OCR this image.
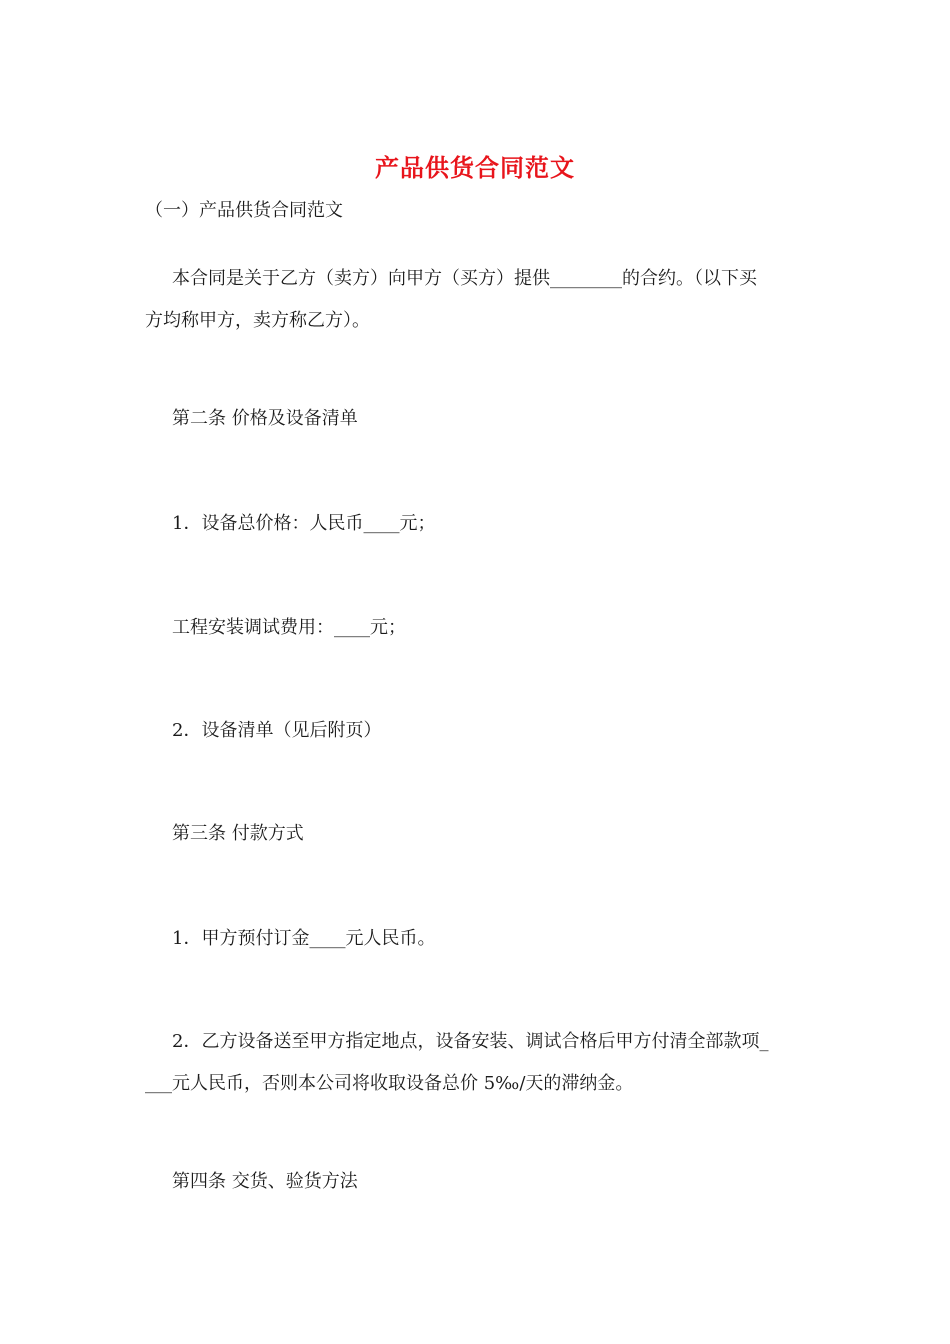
产品供货合同范文
（一）产品供货合同范文
本合同是关于乙方（卖方）向甲方（买方）提供________的合约。（以下买
方均称甲方，卖方称乙方）。
第二条 价格及设备清单
1．设备总价格：人民币____元；
工程安装调试费用：____元；
2．设备清单（见后附页）
第三条 付款方式
1．甲方预付订金____元人民币。
2．乙方设备送至甲方指定地点，设备安装、调试合格后甲方付清全部款项_
___元人民币，否则本公司将收取设备总价 5‰/天的滞纳金。
第四条 交货、验货方法
